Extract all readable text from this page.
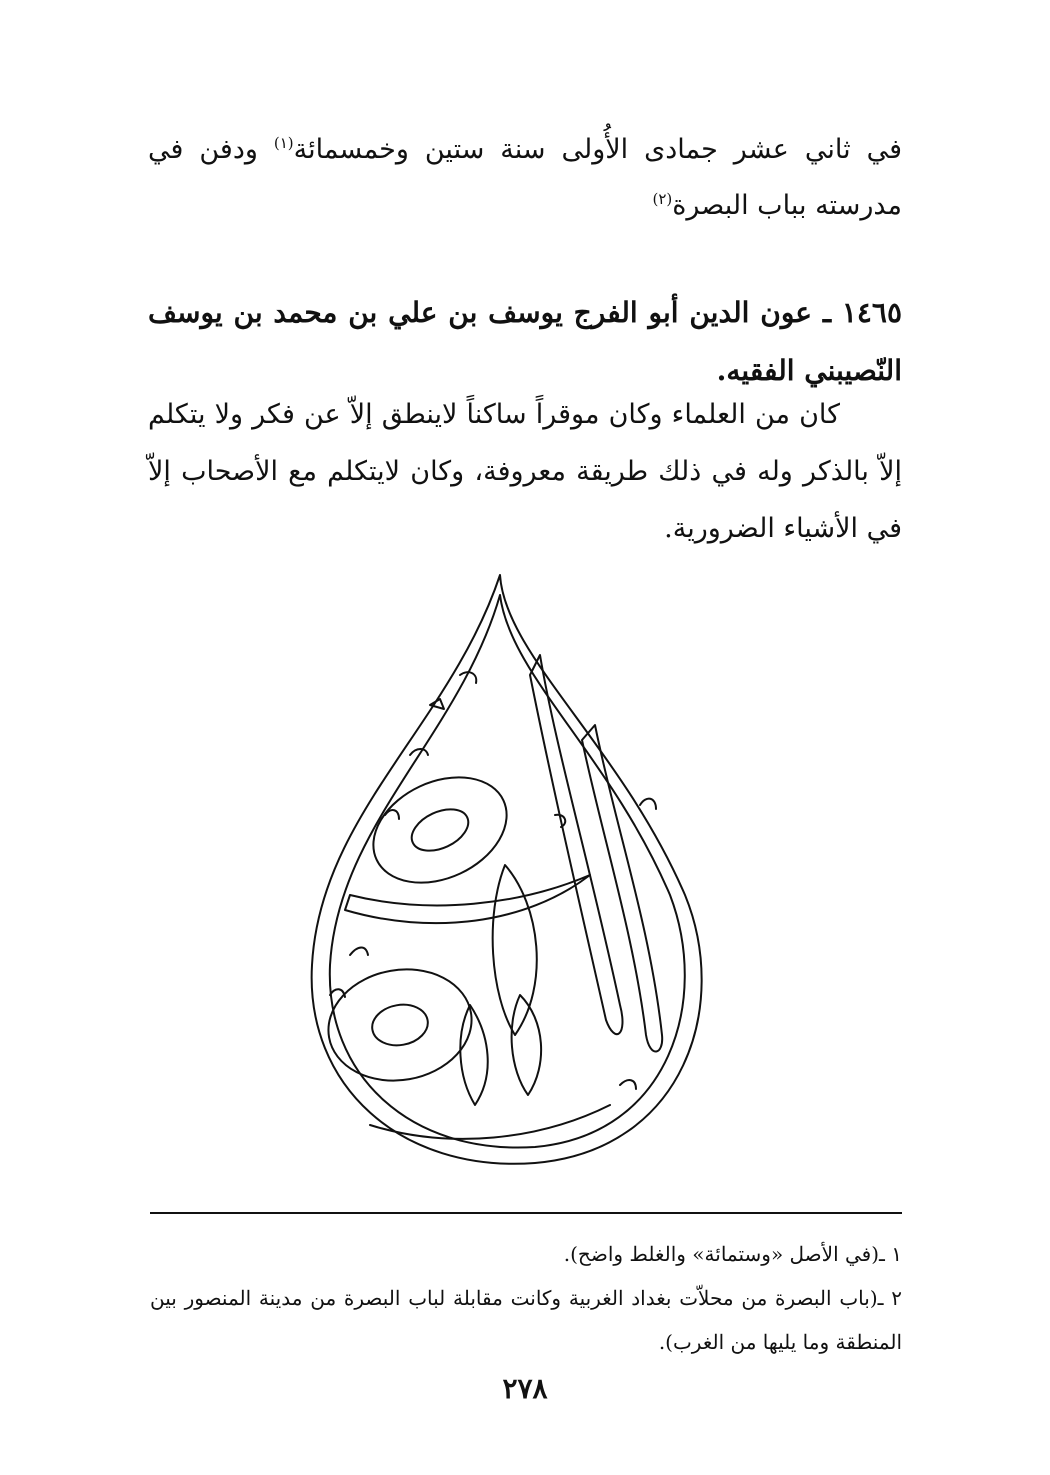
في ثاني عشر جمادى الأُولى سنة ستين وخمسمائة$^{(١)}$ ودفن في مدرسته بباب البصرة$^{(٢)}$
١٤٦٥ ـ عون الدين أبو الفرج يوسف بن علي بن محمد بن يوسف النّصيبني الفقيه.
كان من العلماء وكان موقراً ساكناً لاينطق إلاّ عن فكر ولا يتكلم إلاّ بالذكر وله في ذلك طريقة معروفة، وكان لايتكلم مع الأصحاب إلاّ في الأشياء الضرورية.

١ ـ(في الأصل «وستمائة» والغلط واضح).

٢ ـ(باب البصرة من محلاّت بغداد الغربية وكانت مقابلة لباب البصرة من مدينة المنصور بين المنطقة وما يليها من الغرب).

٢٧٨
